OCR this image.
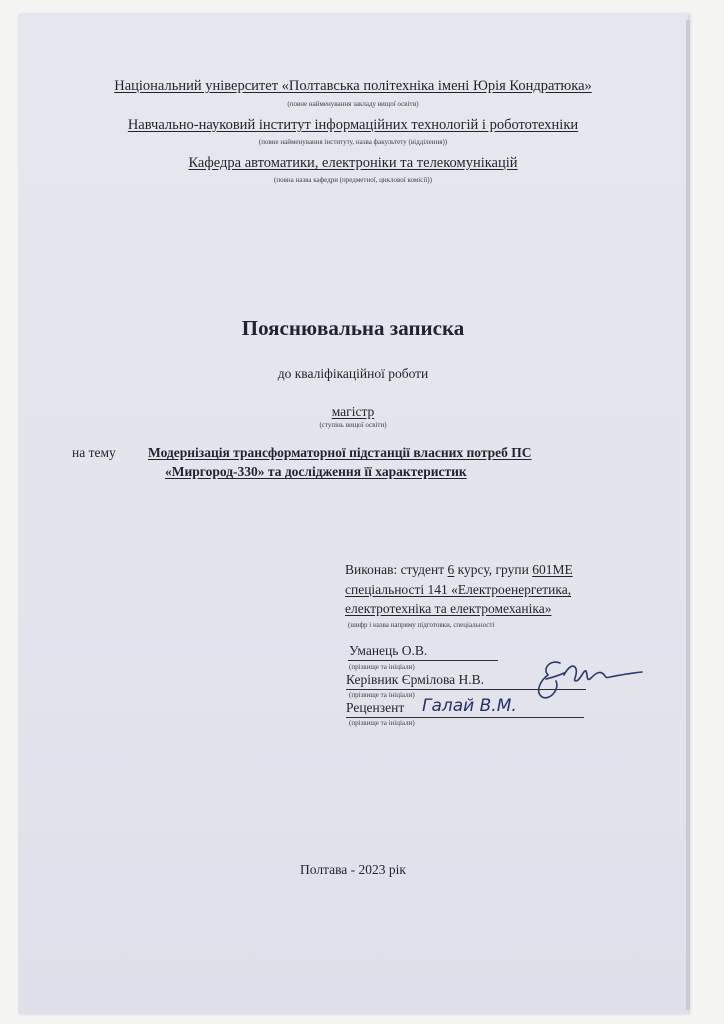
Національний університет «Полтавська політехніка імені Юрія Кондратюка»
(повне найменування закладу вищої освіти)
Навчально-науковий інститут інформаційних технологій і робототехніки
(повне найменування інституту, назва факультету (відділення))
Кафедра автоматики, електроніки та телекомунікацій
(повна назва кафедри (предметної, циклової комісії))
Пояснювальна записка
до кваліфікаційної роботи
магістр
(ступінь вищої освіти)
на тему Модернізація трансформаторної підстанції власних потреб ПС
«Миргород-330» та дослідження її характеристик
Виконав: студент 6 курсу, групи 601МЕ
спеціальності 141 «Електроенергетика,
електротехніка та електромеханіка»
(шифр і назва напряму підготовки, спеціальності
Уманець О.В.
(прізвище та ініціали)
Керівник Єрмілова Н.В.
(прізвище та ініціали)
Рецензент Галай В.М.
(прізвище та ініціали)
Полтава - 2023 рік
